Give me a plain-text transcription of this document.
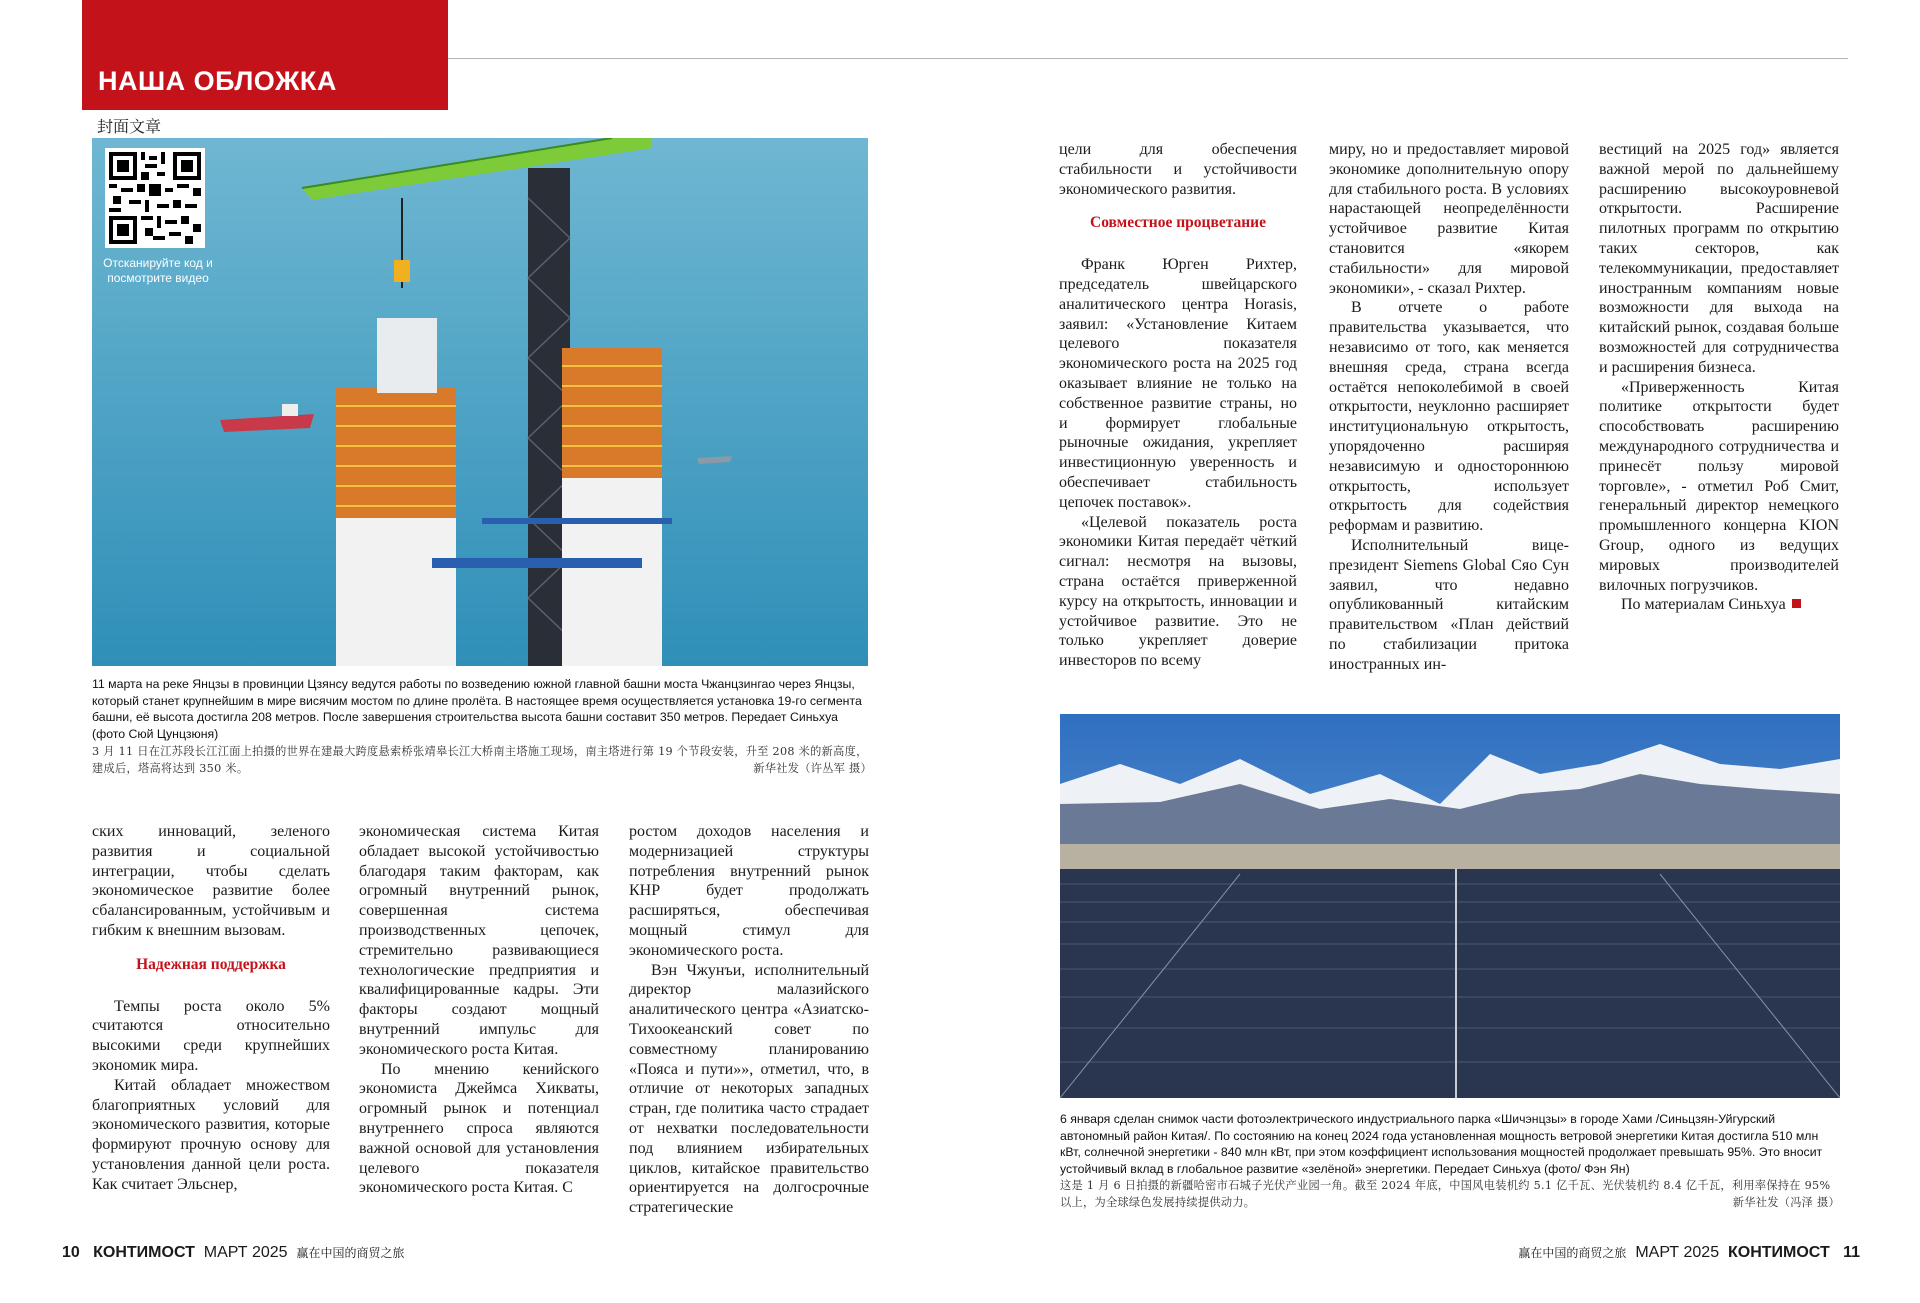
НАША ОБЛОЖКА
封面文章
Отсканируйте код и посмотрите видео
11 марта на реке Янцзы в провинции Цзянсу ведутся работы по возведению южной главной башни моста Чжанцзингао через Янцзы, который станет крупнейшим в мире висячим мостом по длине пролёта. В настоящее время осуществляется установка 19-го сегмента башни, её высота достигла 208 метров. После завершения строительства высота башни составит 350 метров. Передает Синьхуа (фото Сюй Цунцзюня)
3 月 11 日在江苏段长江江面上拍摄的世界在建最大跨度悬索桥张靖皋长江大桥南主塔施工现场，南主塔进行第 19 个节段安装，升至 208 米的新高度，建成后，塔高将达到 350 米。	新华社发（许丛军 摄）

ских инноваций, зеленого развития и социальной интеграции, чтобы сделать экономическое развитие более сбалансированным, устойчивым и гибким к внешним вызовам.

Надежная поддержка

Темпы роста около 5% считаются относительно высокими среди крупнейших экономик мира.

Китай обладает множеством благоприятных условий для экономического развития, которые формируют прочную основу для установления данной цели роста. Как считает Эльснер,

экономическая система Китая обладает высокой устойчивостью благодаря таким факторам, как огромный внутренний рынок, совершенная система производственных цепочек, стремительно развивающиеся технологические предприятия и квалифицированные кадры. Эти факторы создают мощный внутренний импульс для экономического роста Китая.

По мнению кенийского экономиста Джеймса Хикваты, огромный рынок и потенциал внутреннего спроса являются важной основой для установления целевого показателя экономического роста Китая. С

ростом доходов населения и модернизацией структуры потребления внутренний рынок КНР будет продолжать расширяться, обеспечивая мощный стимул для экономического роста.

Вэн Чжунъи, исполнительный директор малазийского аналитического центра «Азиатско-Тихоокеанский совет по совместному планированию «Пояса и пути»», отметил, что, в отличие от некоторых западных стран, где политика часто страдает от нехватки последовательности под влиянием избирательных циклов, китайское правительство ориентируется на долгосрочные стратегические

цели для обеспечения стабильности и устойчивости экономического развития.

Совместное процветание

Франк Юрген Рихтер, председатель швейцарского аналитического центра Horasis, заявил: «Установление Китаем целевого показателя экономического роста на 2025 год оказывает влияние не только на собственное развитие страны, но и формирует глобальные рыночные ожидания, укрепляет инвестиционную уверенность и обеспечивает стабильность цепочек поставок».

«Целевой показатель роста экономики Китая передаёт чёткий сигнал: несмотря на вызовы, страна остаётся приверженной курсу на открытость, инновации и устойчивое развитие. Это не только укрепляет доверие инвесторов по всему

миру, но и предоставляет мировой экономике дополнительную опору для стабильного роста. В условиях нарастающей неопределённости устойчивое развитие Китая становится «якорем стабильности» для мировой экономики», - сказал Рихтер.

В отчете о работе правительства указывается, что независимо от того, как меняется внешняя среда, страна всегда остаётся непоколебимой в своей открытости, неуклонно расширяет институциональную открытость, упорядоченно расширяя независимую и одностороннюю открытость, использует открытость для содействия реформам и развитию.

Исполнительный вице-президент Siemens Global Сяо Сун заявил, что недавно опубликованный китайским правительством «План действий по стабилизации притока иностранных ин-

вестиций на 2025 год» является важной мерой по дальнейшему расширению высокоуровневой открытости. Расширение пилотных программ по открытию таких секторов, как телекоммуникации, предоставляет иностранным компаниям новые возможности для выхода на китайский рынок, создавая больше возможностей для сотрудничества и расширения бизнеса.

«Приверженность Китая политике открытости будет способствовать расширению международного сотрудничества и принесёт пользу мировой торговле», - отметил Роб Смит, генеральный директор немецкого промышленного концерна KION Group, одного из ведущих мировых производителей вилочных погрузчиков.

По материалам Синьхуа

6 января сделан снимок части фотоэлектрического индустриального парка «Шичэнцзы» в городе Хами /Синьцзян-Уйгурский автономный район Китая/. По состоянию на конец 2024 года установленная мощность ветровой энергетики Китая достигла 510 млн кВт, солнечной энергетики - 840 млн кВт, при этом коэффициент использования мощностей продолжает превышать 95%. Это вносит устойчивый вклад в глобальное развитие «зелёной» энергетики. Передает Синьхуа (фото/ Фэн Ян)
这是 1 月 6 日拍摄的新疆哈密市石城子光伏产业园一角。截至 2024 年底，中国风电装机约 5.1 亿千瓦、光伏装机约 8.4 亿千瓦，利用率保持在 95% 以上，为全球绿色发展持续提供动力。	新华社发（冯泽 摄）
10 КОНТИМОСТ МАРТ 2025 赢在中国的商贸之旅	赢在中国的商贸之旅 МАРТ 2025 КОНТИМОСТ 11
